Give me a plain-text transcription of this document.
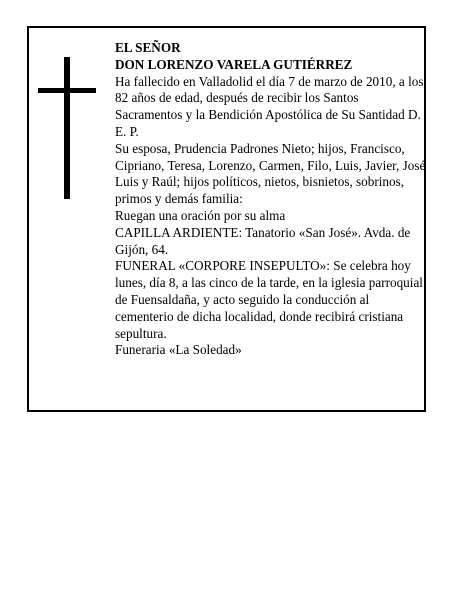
EL SEÑOR

DON LORENZO VARELA GUTIÉRREZ

Ha fallecido en Valladolid el día 7 de marzo de 2010, a los 82 años de edad, después de recibir los Santos Sacramentos y la Bendición Apostólica de Su Santidad D. E. P.

Su esposa, Prudencia Padrones Nieto; hijos, Francisco, Cipriano, Teresa, Lorenzo, Carmen, Filo, Luis, Javier, José Luis y Raúl; hijos políticos, nietos, bisnietos, sobrinos, primos y demás familia:

Ruegan una oración por su alma

CAPILLA ARDIENTE: Tanatorio «San José». Avda. de Gijón, 64.

FUNERAL «CORPORE INSEPULTO»: Se celebra hoy lunes, día 8, a las cinco de la tarde, en la iglesia parroquial de Fuensaldaña, y acto seguido la conducción al cementerio de dicha localidad, donde recibirá cristiana sepultura.

Funeraria «La Soledad»
